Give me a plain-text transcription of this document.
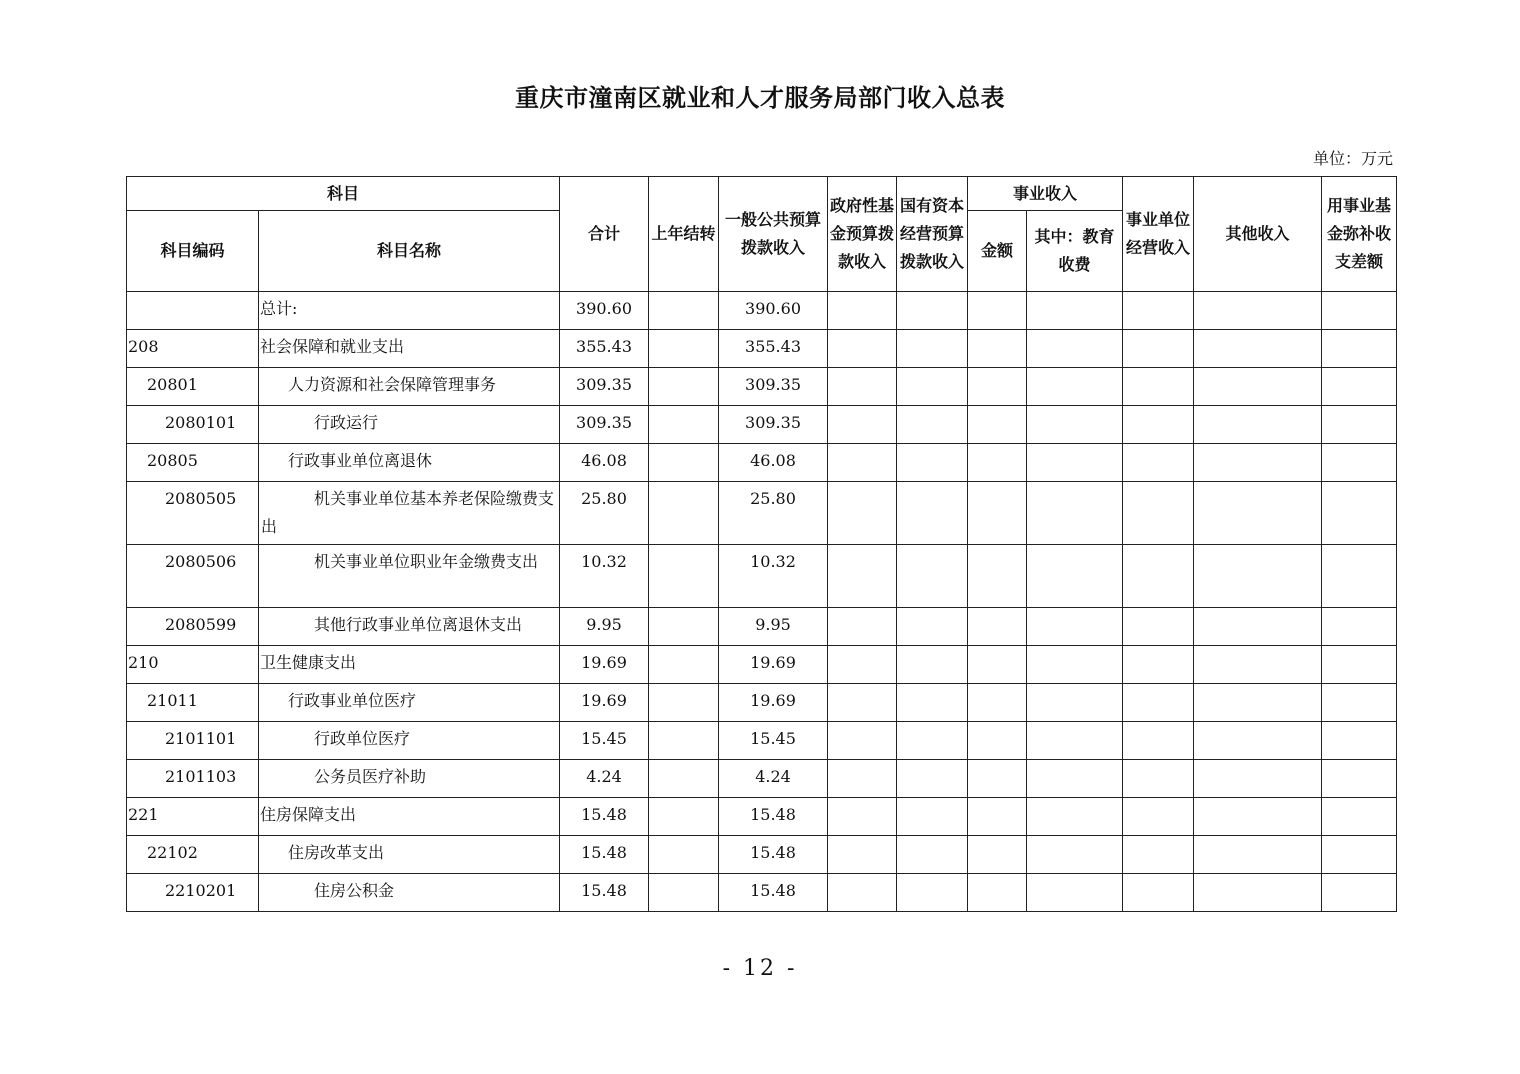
重庆市潼南区就业和人才服务局部门收入总表
单位：万元
科目		合计	上年结转	一般公共预算拨款收入	政府性基金预算拨款收入	国有资本经营预算拨款收入	事业收入		事业单位经营收入	其他收入	用事业基金弥补收支差额
科目编码	科目名称						金额	其中：教育收费			
	总计:	390.60		390.60							
208	社会保障和就业支出	355.43		355.43							
20801	人力资源和社会保障管理事务	309.35		309.35							
2080101	行政运行	309.35		309.35							
20805	行政事业单位离退休	46.08		46.08							
2080505	机关事业单位基本养老保险缴费支出	25.80		25.80							
2080506	机关事业单位职业年金缴费支出	10.32		10.32							
2080599	其他行政事业单位离退休支出	9.95		9.95							
210	卫生健康支出	19.69		19.69							
21011	行政事业单位医疗	19.69		19.69							
2101101	行政单位医疗	15.45		15.45							
2101103	公务员医疗补助	4.24		4.24							
221	住房保障支出	15.48		15.48							
22102	住房改革支出	15.48		15.48							
2210201	住房公积金	15.48		15.48							
- 12 -
